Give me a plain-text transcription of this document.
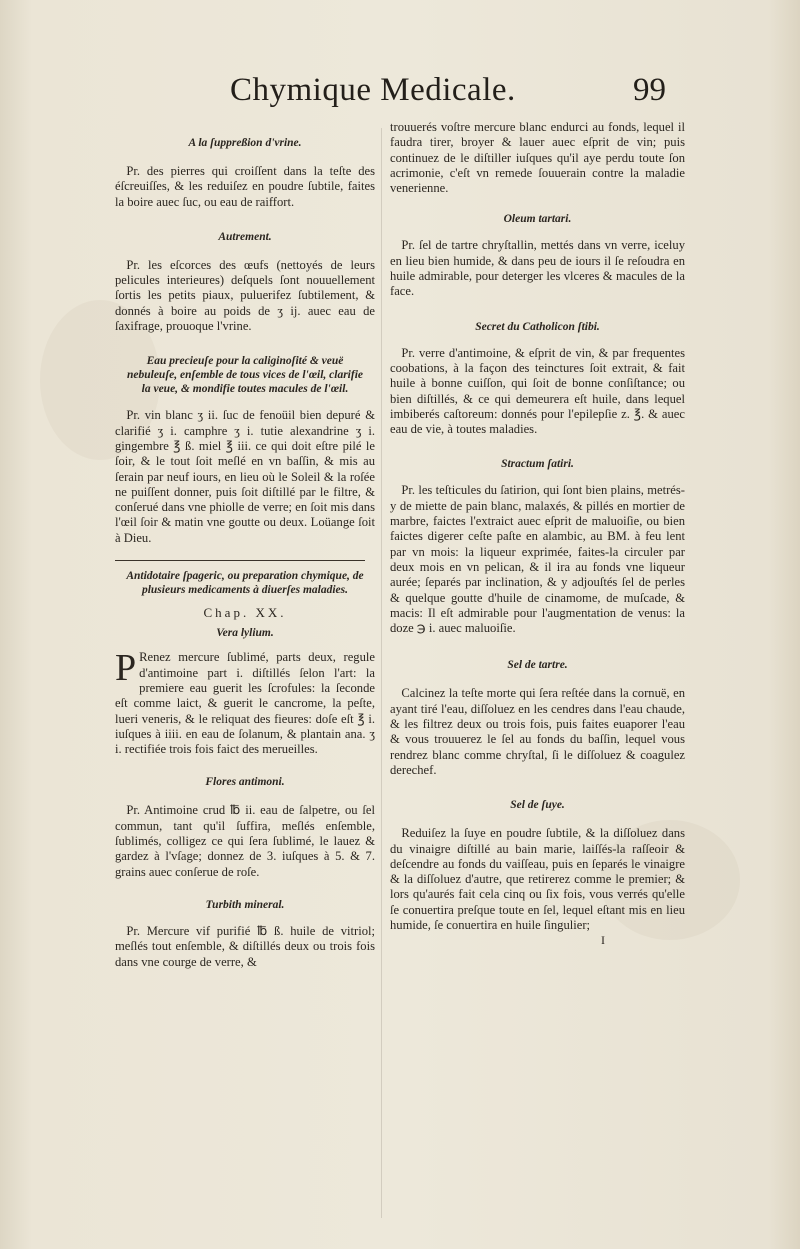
Chymique Medicale.	99
A la ſuppreßion d'vrine.

Pr. des pierres qui croiſſent dans la teſte des éſcreuiſſes, & les reduiſez en poudre ſubtile, faites la boire auec ſuc, ou eau de raiffort.

Autrement.

Pr. les eſcorces des œufs (nettoyés de leurs pelicules interieures) deſquels ſont nouuellement ſortis les petits piaux, puluerifez ſubtilement, & donnés à boire au poids de ʒ ij. auec eau de ſaxifrage, prouoque l'vrine.

Eau precieuſe pour la caliginoſité & veuë nebuleuſe, enſemble de tous vices de l'œil, clarifie la veue, & mondifie toutes macules de l'œil.

Pr. vin blanc ʒ ii. ſuc de fenoüil bien depuré & clarifié ʒ i. camphre ʒ i. tutie alexandrine ʒ i. gingembre ℥ ß. miel ℥ iii. ce qui doit eſtre pilé le ſoir, & le tout ſoit meſlé en vn baſſin, & mis au ſerain par neuf iours, en lieu où le Soleil & la roſée ne puiſſent donner, puis ſoit diſtillé par le filtre, & conſerué dans vne phiolle de verre; en ſoit mis dans l'œil ſoir & matin vne goutte ou deux. Loüange ſoit à Dieu.

Antidotaire ſpageric, ou preparation chymique, de plusieurs medicaments à diuerſes maladies.
Chap. XX.
Vera lylium.

P Renez mercure ſublimé, parts deux, regule d'antimoine part i. diſtillés ſelon l'art: la premiere eau guerit les ſcrofules: la ſeconde eſt comme laict, & guerit le cancrome, la peſte, lueri veneris, & le reliquat des fieures: doſe eſt ℥ i. iuſques à iiii. en eau de ſolanum, & plantain ana. ʒ i. rectifiée trois fois faict des merueilles.

Flores antimoni.

Pr. Antimoine crud ℔ ii. eau de ſalpetre, ou ſel commun, tant qu'il ſuffira, meſlés enſemble, ſublimés, colligez ce qui ſera ſublimé, le lauez & gardez à l'vſage; donnez de 3. iuſques à 5. & 7. grains auec conſerue de roſe.

Turbith mineral.

Pr. Mercure vif purifié ℔ ß. huile de vitriol; meſlés tout enſemble, & diſtillés deux ou trois fois dans vne courge de verre, &

trouuerés voſtre mercure blanc endurci au fonds, lequel il faudra tirer, broyer & lauer auec eſprit de vin; puis continuez de le diſtiller iuſques qu'il aye perdu toute ſon acrimonie, c'eſt vn remede ſouuerain contre la maladie venerienne.

Oleum tartari.

Pr. ſel de tartre chryſtallin, mettés dans vn verre, iceluy en lieu bien humide, & dans peu de iours il ſe reſoudra en huile admirable, pour deterger les vlceres & macules de la face.

Secret du Catholicon ſtibi.

Pr. verre d'antimoine, & eſprit de vin, & par frequentes coobations, à la façon des teinctures ſoit extrait, & fait huile à bonne cuiſſon, qui ſoit de bonne conſiſtance; ou bien diſtillés, & ce qui demeurera eſt huile, dans lequel imbiberés caſtoreum: donnés pour l'epilepſie z. ℥. & auec eau de vie, à toutes maladies.

Stractum ſatiri.

Pr. les teſticules du ſatirion, qui ſont bien plains, metrés-y de miette de pain blanc, malaxés, & pillés en mortier de marbre, faictes l'extraict auec eſprit de maluoiſie, ou bien faictes digerer ceſte paſte en alambic, au BM. à feu lent par vn mois: la liqueur exprimée, faites-la circuler par deux mois en vn pelican, & il ira au fonds vne liqueur aurée; ſeparés par inclination, & y adjouſtés ſel de perles & quelque goutte d'huile de cinamome, de muſcade, & macis: Il eſt admirable pour l'augmentation de venus: la doze ℈ i. auec maluoiſie.

Sel de tartre.

Calcinez la teſte morte qui ſera reſtée dans la cornuë, en ayant tiré l'eau, diſſoluez en les cendres dans l'eau chaude, & les filtrez deux ou trois fois, puis faites euaporer l'eau & vous trouuerez le ſel au fonds du baſſin, lequel vous rendrez blanc comme chryſtal, ſi le diſſoluez & coagulez derechef.

Sel de ſuye.

Reduiſez la ſuye en poudre ſubtile, & la diſſoluez dans du vinaigre diſtillé au bain marie, laiſſés-la raſſeoir & deſcendre au fonds du vaiſſeau, puis en ſeparés le vinaigre & la diſſoluez d'autre, que retirerez comme le premier; & lors qu'aurés fait cela cinq ou ſix fois, vous verrés qu'elle ſe conuertira preſque toute en ſel, lequel eſtant mis en lieu humide, ſe conuertira en huile ſingulier;

I
